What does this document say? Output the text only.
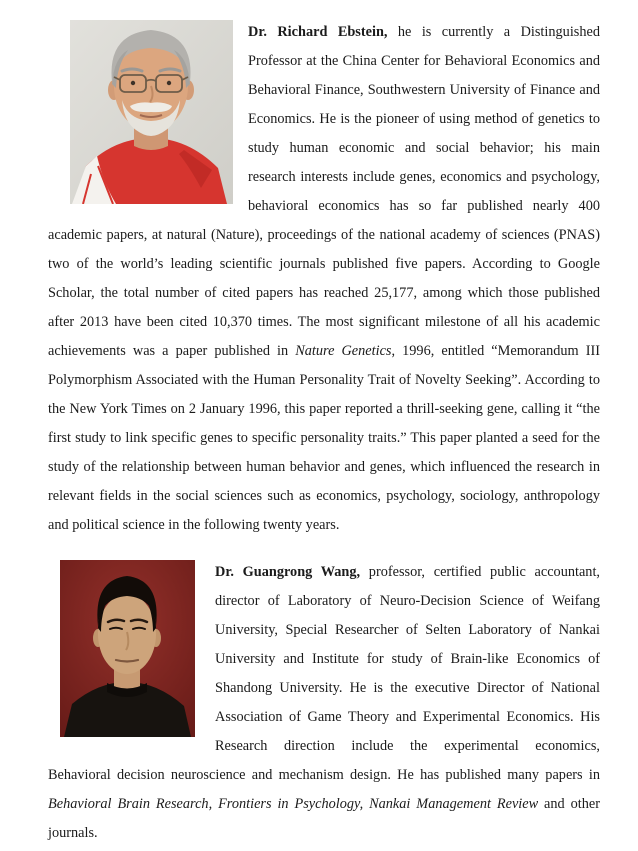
Dr. Richard Ebstein, he is currently a Distinguished Professor at the China Center for Behavioral Economics and Behavioral Finance, Southwestern University of Finance and Economics. He is the pioneer of using method of genetics to study human economic and social behavior; his main research interests include genes, economics and psychology, behavioral economics has so far published nearly 400 academic papers, at natural (Nature), proceedings of the national academy of sciences (PNAS) two of the world’s leading scientific journals published five papers. According to Google Scholar, the total number of cited papers has reached 25,177, among which those published after 2013 have been cited 10,370 times. The most significant milestone of all his academic achievements was a paper published in Nature Genetics, 1996, entitled “Memorandum III Polymorphism Associated with the Human Personality Trait of Novelty Seeking”. According to the New York Times on 2 January 1996, this paper reported a thrill-seeking gene, calling it “the first study to link specific genes to specific personality traits.” This paper planted a seed for the study of the relationship between human behavior and genes, which influenced the research in relevant fields in the social sciences such as economics, psychology, sociology, anthropology and political science in the following twenty years.

Dr. Guangrong Wang, professor, certified public accountant, director of Laboratory of Neuro-Decision Science of Weifang University, Special Researcher of Selten Laboratory of Nankai University and Institute for study of Brain-like Economics of Shandong University. He is the executive Director of National Association of Game Theory and Experimental Economics. His Research direction include the experimental economics, Behavioral decision neuroscience and mechanism design. He has published many papers in Behavioral Brain Research, Frontiers in Psychology, Nankai Management Review and other journals.
